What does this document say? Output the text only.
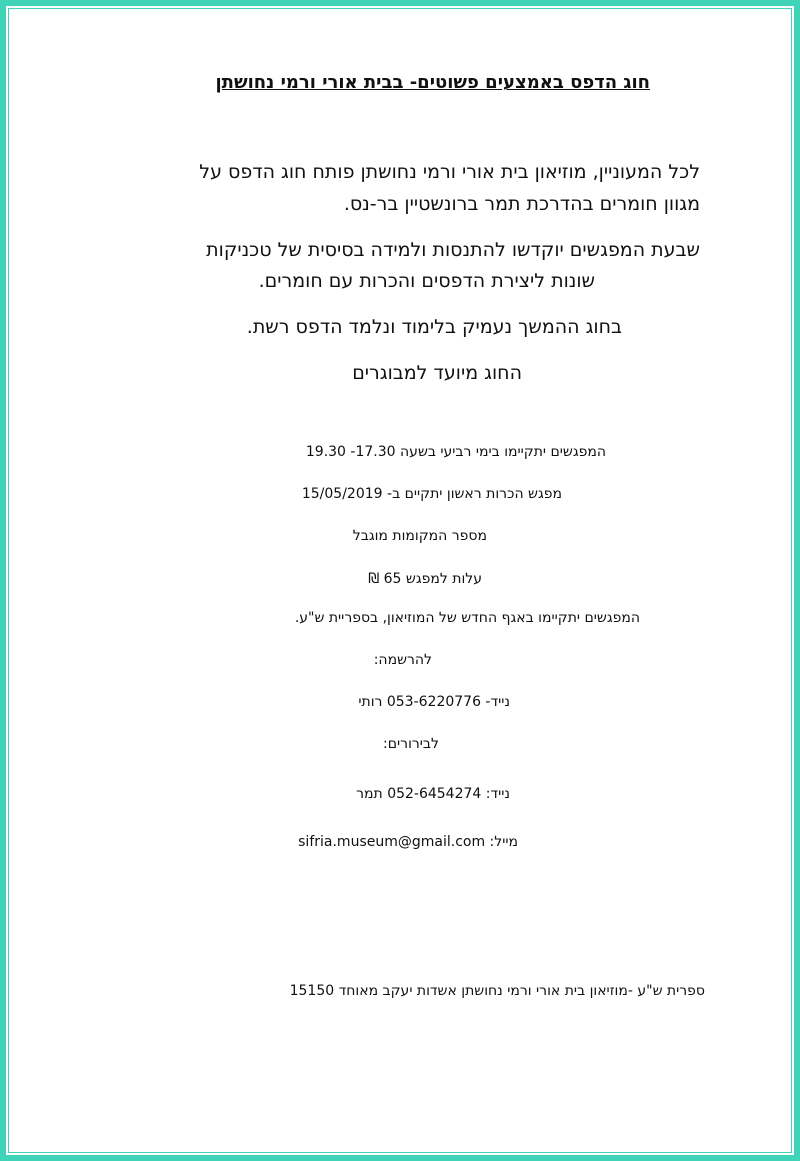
חוג הדפס באמצעים פשוטים- בבית אורי ורמי נחושתן

לכל המעוניין, מוזיאון בית אורי ורמי נחושתן פותח חוג הדפס על

מגוון חומרים בהדרכת תמר ברונשטיין בר-נס.

שבעת המפגשים יוקדשו להתנסות ולמידה בסיסית של טכניקות

שונות ליצירת הדפסים והכרות עם חומרים.

בחוג ההמשך נעמיק בלימוד ונלמד הדפס רשת.

החוג מיועד למבוגרים

המפגשים יתקיימו בימי רביעי בשעה 17.30- 19.30

מפגש הכרות ראשון יתקיים ב- 15/05/2019

מספר המקומות מוגבל

עלות למפגש 65 ₪

המפגשים יתקיימו באגף החדש של המוזיאון, בספריית ש"ע.

להרשמה:

נייד- 053-6220776 רותי

לבירורים:

נייד: 052-6454274 תמר

מייל: sifria.museum@gmail.com

ספרית ש"ע -מוזיאון בית אורי ורמי נחושתן אשדות יעקב מאוחד 15150
